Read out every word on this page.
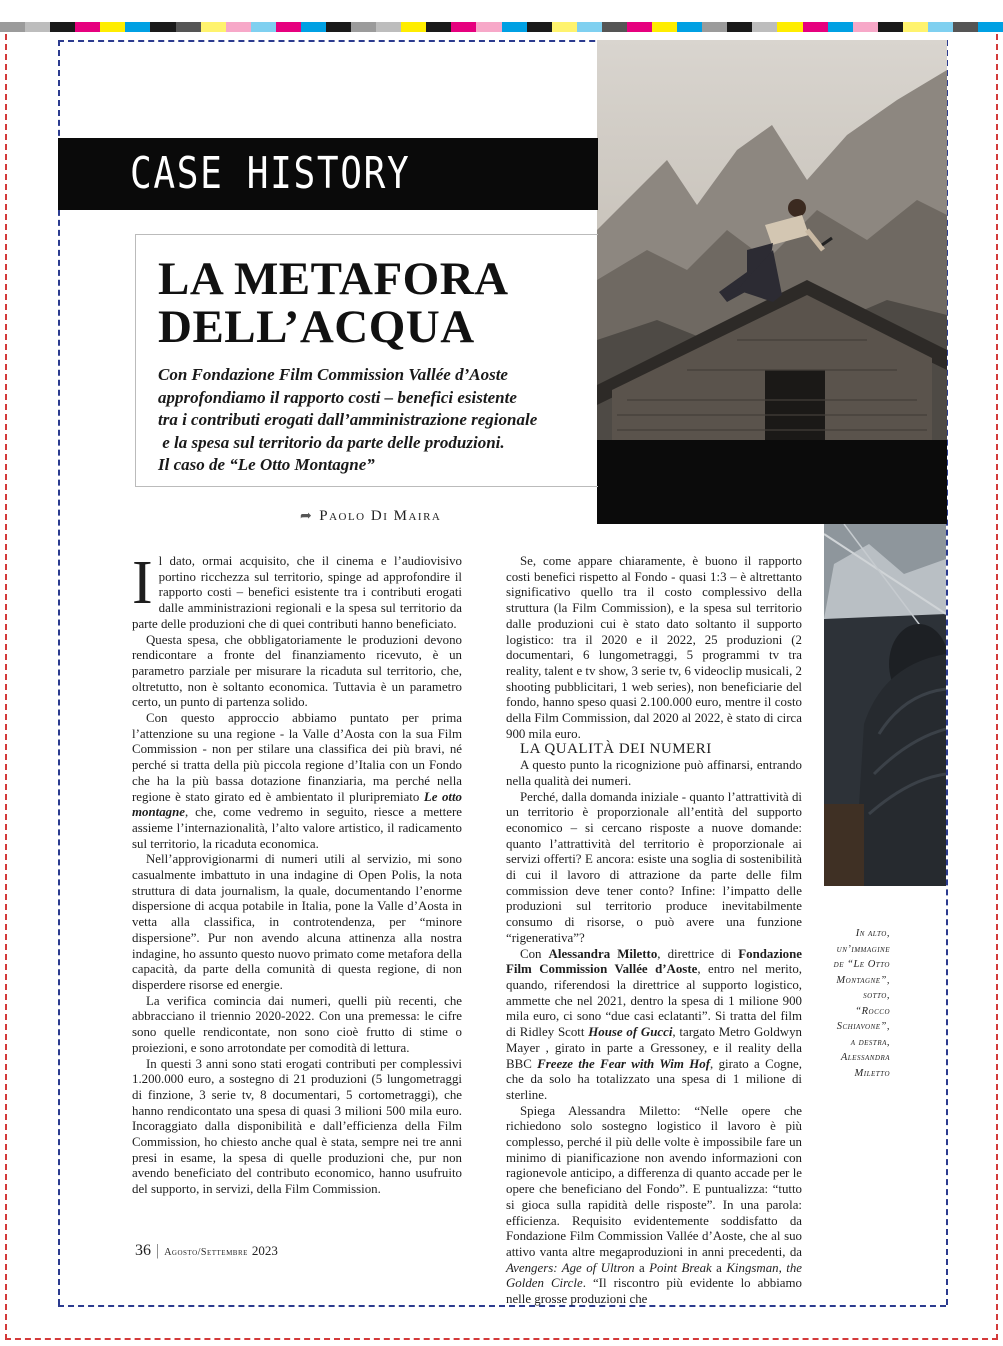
CASE HISTORY
LA METAFORA
DELL’ACQUA
Con Fondazione Film Commission Vallée d’Aoste
approfondiamo il rapporto costi – benefici esistente
tra i contributi erogati dall’amministrazione regionale
e la spesa sul territorio da parte delle produzioni.
Il caso de “Le Otto Montagne”
➦ Paolo Di Maira

Il dato, ormai acquisito, che il cinema e l’audiovisivo portino ricchezza sul territorio, spinge ad approfondire il rapporto costi – benefici esistente tra i contributi erogati dalle amministrazioni regionali e la spesa sul territorio da parte delle produzioni che di quei contributi hanno beneficiato.

Questa spesa, che obbligatoriamente le produzioni devono rendicontare a fronte del finanziamento ricevuto, è un parametro parziale per misurare la ricaduta sul territorio, che, oltretutto, non è soltanto economica. Tuttavia è un parametro certo, un punto di partenza solido.

Con questo approccio abbiamo puntato per prima l’attenzione su una regione - la Valle d’Aosta con la sua Film Commission - non per stilare una classifica dei più bravi, né perché si tratta della più piccola regione d’Italia con un Fondo che ha la più bassa dotazione finanziaria, ma perché nella regione è stato girato ed è ambientato il pluripremiato Le otto montagne, che, come vedremo in seguito, riesce a mettere assieme l’internazionalità, l’alto valore artistico, il radicamento sul territorio, la ricaduta economica.

Nell’approvigionarmi di numeri utili al servizio, mi sono casualmente imbattuto in una indagine di Open Polis, la nota struttura di data journalism, la quale, documentando l’enorme dispersione di acqua potabile in Italia, pone la Valle d’Aosta in vetta alla classifica, in controtendenza, per “minore dispersione”. Pur non avendo alcuna attinenza alla nostra indagine, ho assunto questo nuovo primato come metafora della capacità, da parte della comunità di questa regione, di non disperdere risorse ed energie.

La verifica comincia dai numeri, quelli più recenti, che abbracciano il triennio 2020-2022. Con una premessa: le cifre sono quelle rendicontate, non sono cioè frutto di stime o proiezioni, e sono arrotondate per comodità di lettura.

In questi 3 anni sono stati erogati contributi per complessivi 1.200.000 euro, a sostegno di 21 produzioni (5 lungometraggi di finzione, 3 serie tv, 8 documentari, 5 cortometraggi), che hanno rendicontato una spesa di quasi 3 milioni 500 mila euro. Incoraggiato dalla disponibilità e dall’efficienza della Film Commission, ho chiesto anche qual è stata, sempre nei tre anni presi in esame, la spesa di quelle produzioni che, pur non avendo beneficiato del contributo economico, hanno usufruito del supporto, in servizi, della Film Commission.

Se, come appare chiaramente, è buono il rapporto costi benefici rispetto al Fondo - quasi 1:3 – è altrettanto significativo quello tra il costo complessivo della struttura (la Film Commission), e la spesa sul territorio dalle produzioni cui è stato dato soltanto il supporto logistico: tra il 2020 e il 2022, 25 produzioni (2 documentari, 6 lungometraggi, 5 programmi tv tra reality, talent e tv show, 3 serie tv, 6 videoclip musicali, 2 shooting pubblicitari, 1 web series), non beneficiarie del fondo, hanno speso quasi 2.100.000 euro, mentre il costo della Film Commission, dal 2020 al 2022, è stato di circa 900 mila euro.

LA QUALITÀ DEI NUMERI

A questo punto la ricognizione può affinarsi, entrando nella qualità dei numeri.

Perché, dalla domanda iniziale - quanto l’attrattività di un territorio è proporzionale all’entità del supporto economico – si cercano risposte a nuove domande: quanto l’attrattività del territorio è proporzionale ai servizi offerti? E ancora: esiste una soglia di sostenibilità di cui il lavoro di attrazione da parte delle film commission deve tener conto? Infine: l’impatto delle produzioni sul territorio produce inevitabilmente consumo di risorse, o può avere una funzione “rigenerativa”?

Con Alessandra Miletto, direttrice di Fondazione Film Commission Vallée d’Aoste, entro nel merito, quando, riferendosi la direttrice al supporto logistico, ammette che nel 2021, dentro la spesa di 1 milione 900 mila euro, ci sono “due casi eclatanti”. Si tratta del film di Ridley Scott House of Gucci, targato Metro Goldwyn Mayer , girato in parte a Gressoney, e il reality della BBC Freeze the Fear with Wim Hof, girato a Cogne, che da solo ha totalizzato una spesa di 1 milione di sterline.

Spiega Alessandra Miletto: “Nelle opere che richiedono solo sostegno logistico il lavoro è più complesso, perché il più delle volte è impossibile fare un minimo di pianificazione non avendo informazioni con ragionevole anticipo, a differenza di quanto accade per le opere che beneficiano del Fondo”. E puntualizza: “tutto si gioca sulla rapidità delle risposte”. In una parola: efficienza. Requisito evidentemente soddisfatto da Fondazione Film Commission Vallée d’Aoste, che al suo attivo vanta altre megaproduzioni in anni precedenti, da Avengers: Age of Ultron a Point Break a Kingsman, the Golden Circle. “Il riscontro più evidente lo abbiamo nelle grosse produzioni che

In alto,
un’immagine
de “Le Otto
Montagne”,
sotto,
“Rocco
Schiavone”,
a destra,
Alessandra
Miletto
36 | Agosto/Settembre 2023
